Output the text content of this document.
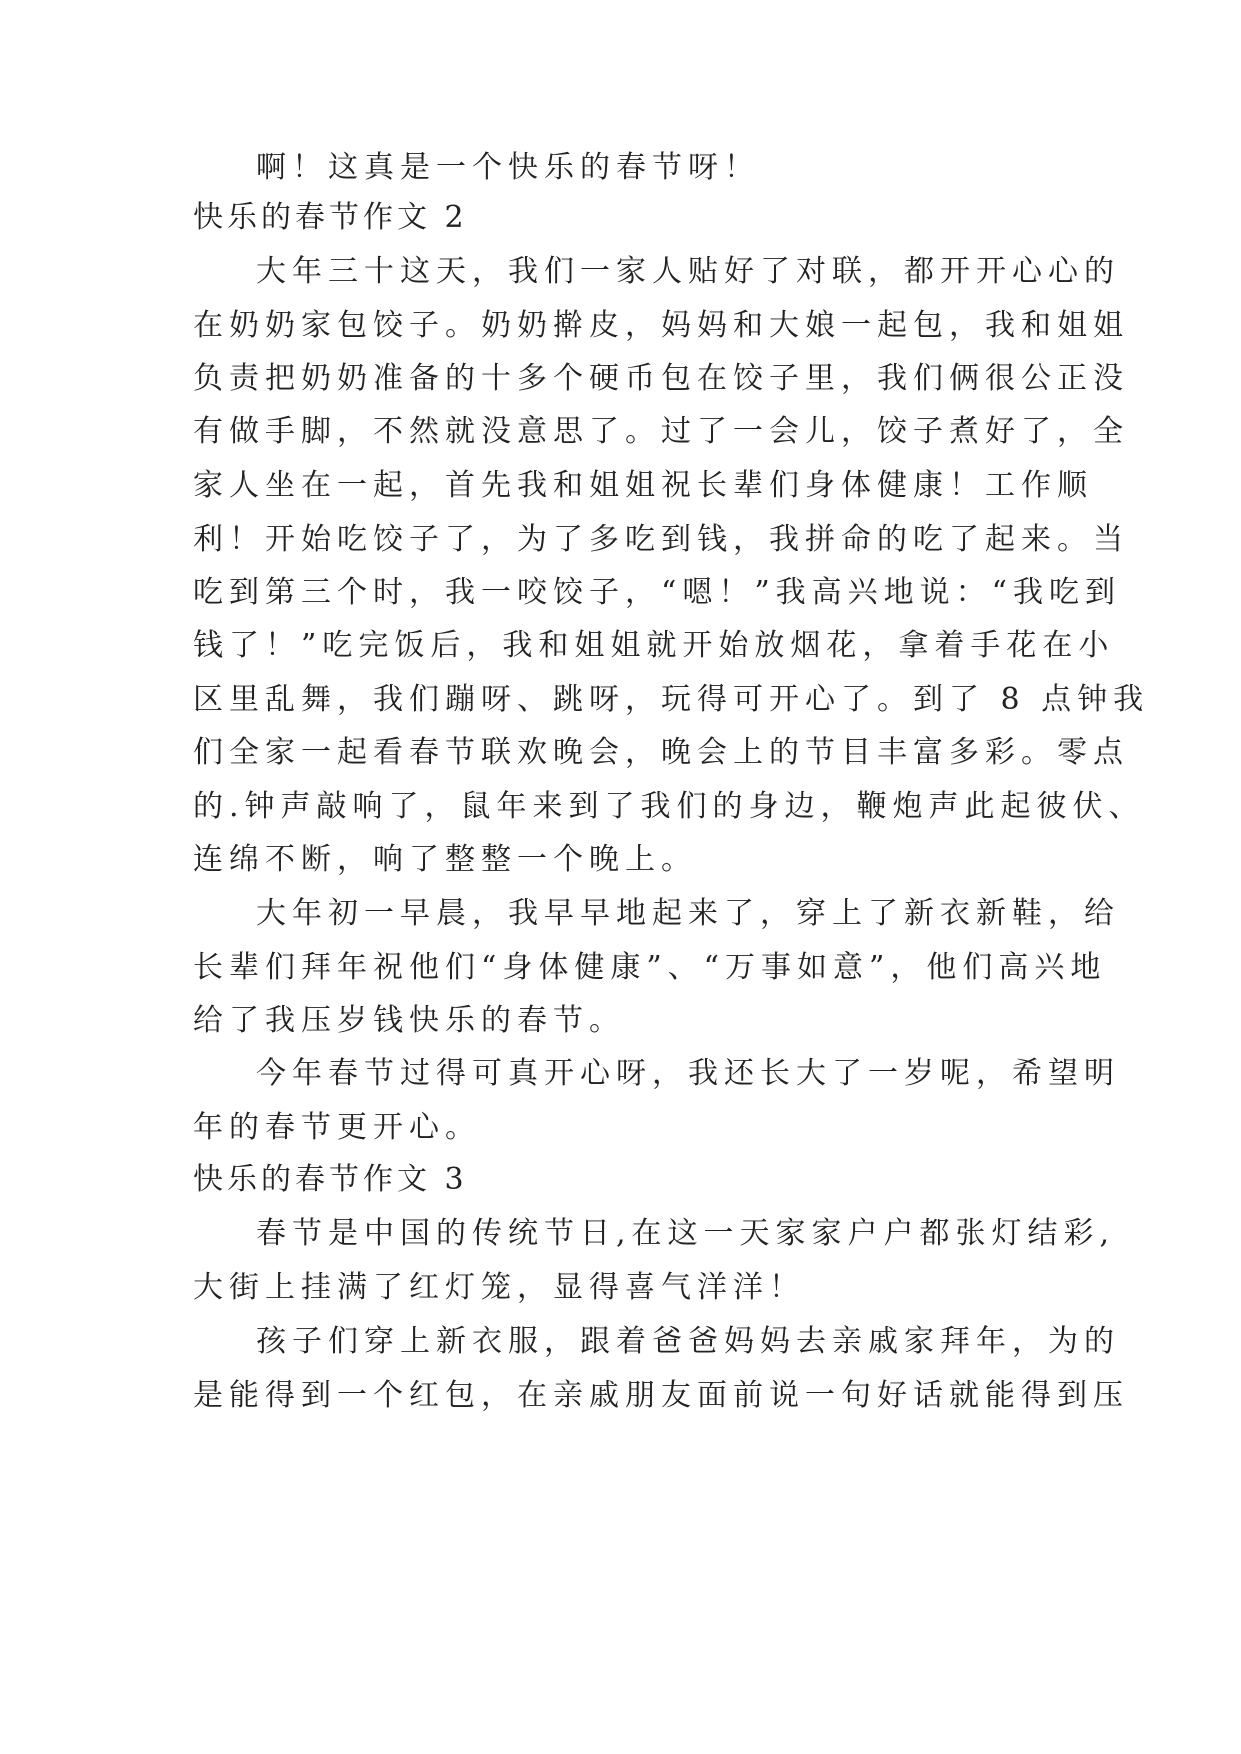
啊！这真是一个快乐的春节呀！
快乐的春节作文 2
大年三十这天，我们一家人贴好了对联，都开开心心的
在奶奶家包饺子。奶奶擀皮，妈妈和大娘一起包，我和姐姐
负责把奶奶准备的十多个硬币包在饺子里，我们俩很公正没
有做手脚，不然就没意思了。过了一会儿，饺子煮好了，全
家人坐在一起，首先我和姐姐祝长辈们身体健康！工作顺
利！开始吃饺子了，为了多吃到钱，我拼命的吃了起来。当
吃到第三个时，我一咬饺子，“嗯！”我高兴地说：“我吃到
钱了！”吃完饭后，我和姐姐就开始放烟花，拿着手花在小
区里乱舞，我们蹦呀、跳呀，玩得可开心了。到了 8 点钟我
们全家一起看春节联欢晚会，晚会上的节目丰富多彩。零点
的.钟声敲响了，鼠年来到了我们的身边，鞭炮声此起彼伏、
连绵不断，响了整整一个晚上。
大年初一早晨，我早早地起来了，穿上了新衣新鞋，给
长辈们拜年祝他们“身体健康”、“万事如意”，他们高兴地
给了我压岁钱快乐的春节。
今年春节过得可真开心呀，我还长大了一岁呢，希望明
年的春节更开心。
快乐的春节作文 3
春节是中国的传统节日,在这一天家家户户都张灯结彩,
大街上挂满了红灯笼，显得喜气洋洋！
孩子们穿上新衣服，跟着爸爸妈妈去亲戚家拜年，为的
是能得到一个红包，在亲戚朋友面前说一句好话就能得到压
